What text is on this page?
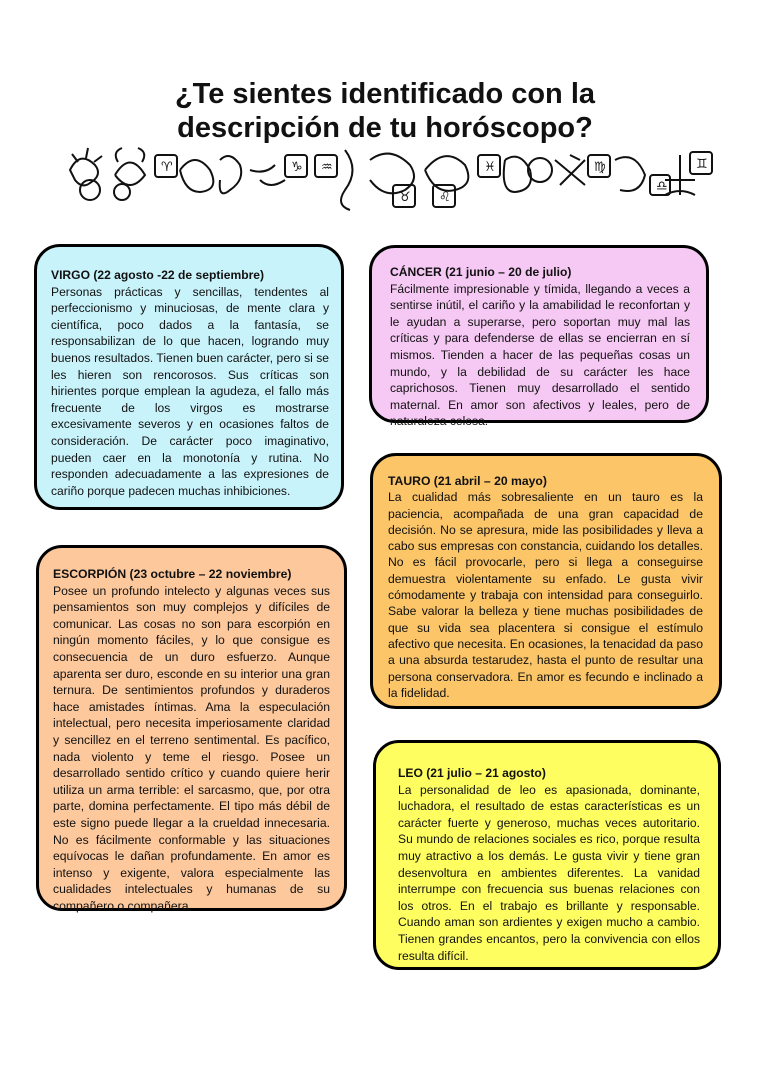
¿Te sientes identificado con la descripción de tu horóscopo?
♈	♑ ♒
♉ ♌
♓	♍
♎
♊
VIRGO (22 agosto -22 de septiembre)
Personas prácticas y sencillas, tendentes al perfeccionismo y minuciosas, de mente clara y científica, poco dados a la fantasía, se responsabilizan de lo que hacen, logrando muy buenos resultados. Tienen buen carácter, pero si se les hieren son rencorosos. Sus críticas son hirientes porque emplean la agudeza, el fallo más frecuente de los virgos es mostrarse excesivamente severos y en ocasiones faltos de consideración. De carácter poco imaginativo, pueden caer en la monotonía y rutina. No responden adecuadamente a las expresiones de cariño porque padecen muchas inhibiciones.
CÁNCER (21 junio – 20 de julio)
Fácilmente impresionable y tímida, llegando a veces a sentirse inútil, el cariño y la amabilidad le reconfortan y le ayudan a superarse, pero soportan muy mal las críticas y para defenderse de ellas se encierran en sí mismos. Tienden a hacer de las pequeñas cosas un mundo, y la debilidad de su carácter les hace caprichosos. Tienen muy desarrollado el sentido maternal. En amor son afectivos y leales, pero de naturaleza celosa.
TAURO (21 abril – 20 mayo)
La cualidad más sobresaliente en un tauro es la paciencia, acompañada de una gran capacidad de decisión. No se apresura, mide las posibilidades y lleva a cabo sus empresas con constancia, cuidando los detalles. No es fácil provocarle, pero si llega a conseguirse demuestra violentamente su enfado. Le gusta vivir cómodamente y trabaja con intensidad para conseguirlo. Sabe valorar la belleza y tiene muchas posibilidades de que su vida sea placentera si consigue el estímulo afectivo que necesita. En ocasiones, la tenacidad da paso a una absurda testarudez, hasta el punto de resultar una persona conservadora. En amor es fecundo e inclinado a la fidelidad.
ESCORPIÓN (23 octubre – 22 noviembre)
Posee un profundo intelecto y algunas veces sus pensamientos son muy complejos y difíciles de comunicar. Las cosas no son para escorpión en ningún momento fáciles, y lo que consigue es consecuencia de un duro esfuerzo. Aunque aparenta ser duro, esconde en su interior una gran ternura. De sentimientos profundos y duraderos hace amistades íntimas. Ama la especulación intelectual, pero necesita imperiosamente claridad y sencillez en el terreno sentimental. Es pacífico, nada violento y teme el riesgo. Posee un desarrollado sentido crítico y cuando quiere herir utiliza un arma terrible: el sarcasmo, que, por otra parte, domina perfectamente. El tipo más débil de este signo puede llegar a la crueldad innecesaria. No es fácilmente conformable y las situaciones equívocas le dañan profundamente. En amor es intenso y exigente, valora especialmente las cualidades intelectuales y humanas de su compañero o compañera.
LEO (21 julio – 21 agosto)
La personalidad de leo es apasionada, dominante, luchadora, el resultado de estas características es un carácter fuerte y generoso, muchas veces autoritario. Su mundo de relaciones sociales es rico, porque resulta muy atractivo a los demás. Le gusta vivir y tiene gran desenvoltura en ambientes diferentes. La vanidad interrumpe con frecuencia sus buenas relaciones con los otros. En el trabajo es brillante y responsable. Cuando aman son ardientes y exigen mucho a cambio. Tienen grandes encantos, pero la convivencia con ellos resulta difícil.
